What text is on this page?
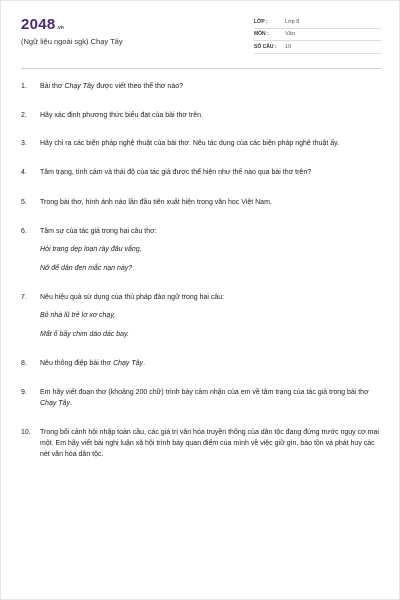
2048 .vn
(Ngữ liệu ngoài sgk) Chạy Tây
LỚP :	Lớp 8
MÔN :	Văn
SỐ CÂU :	10
1.	Bài thơ Chạy Tây được viết theo thể thơ nào?
2.	Hãy xác định phương thức biểu đạt của bài thơ trên.
3.	Hãy chỉ ra các biện pháp nghệ thuật của bài thơ. Nêu tác dụng của các biện pháp nghệ thuật ấy.
4.	Tâm trạng, tình cảm và thái độ của tác giả được thể hiện như thế nào qua bài thơ trên?
5.	Trong bài thơ, hình ảnh nào lần đầu tiên xuất hiện trong văn học Việt Nam.
6.	Tâm sự của tác giả trong hai câu thơ:
Hỏi trang dẹp loạn rày đâu vắng,
Nỡ để dân đen mắc nạn này?
7.	Nêu hiệu quả sử dụng của thủ pháp đảo ngữ trong hai câu:
Bỏ nhà lũ trẻ lơ xơ chạy,
Mất ổ bầy chim dáo dác bay.
8.	Nêu thông điệp bài thơ Chạy Tây.
9.	Em hãy viết đoạn thơ (khoảng 200 chữ) trình bày cảm nhận của em về tâm trạng của tác giả trong bài thơ Chạy Tây.
10.	Trong bối cảnh hội nhập toàn cầu, các giá trị văn hóa truyền thống của dân tộc đang đứng trước nguy cơ mai một. Em hãy viết bài nghị luận xã hội trình bày quan điểm của mình về việc giữ gìn, bảo tồn và phát huy các nét văn hóa dân tộc.
